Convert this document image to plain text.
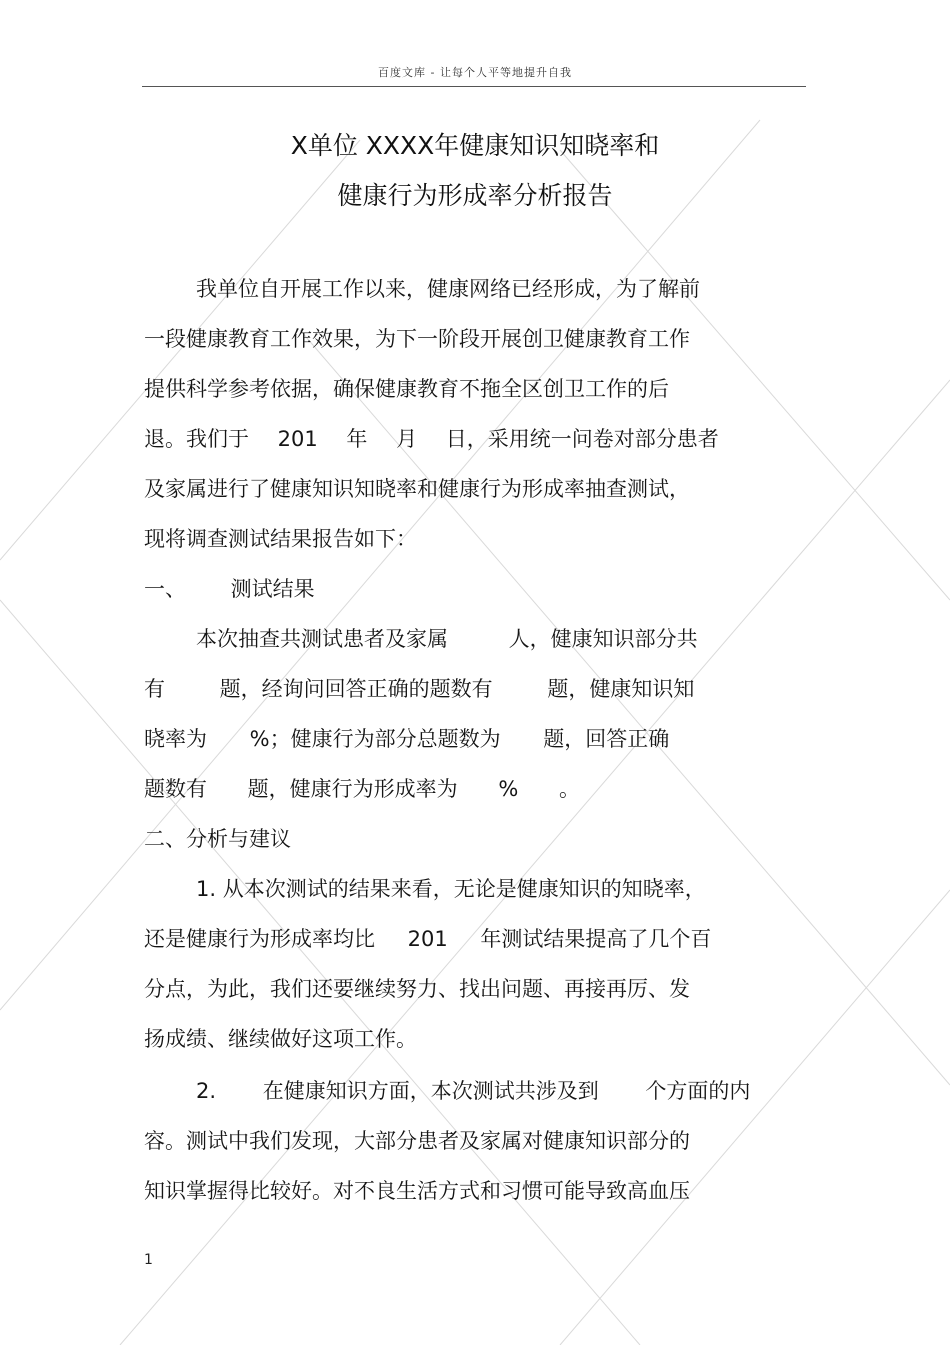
百度文库 - 让每个人平等地提升自我
X单位 XXXX年健康知识知晓率和
健康行为形成率分析报告
我单位自开展工作以来，健康网络已经形成，为了解前
一段健康教育工作效果，为下一阶段开展创卫健康教育工作
提供科学参考依据，确保健康教育不拖全区创卫工作的后
退。我们于 201 年 月 日，采用统一问卷对部分患者
及家属进行了健康知识知晓率和健康行为形成率抽查测试，
现将调查测试结果报告如下：
一、 测试结果
本次抽查共测试患者及家属 人，健康知识部分共
有 题，经询问回答正确的题数有 题，健康知识知
晓率为 %；健康行为部分总题数为 题，回答正确
题数有 题，健康行为形成率为 % 。
二、分析与建议
1. 从本次测试的结果来看，无论是健康知识的知晓率，
还是健康行为形成率均比 201 年测试结果提高了几个百
分点，为此，我们还要继续努力、找出问题、再接再厉、发
扬成绩、继续做好这项工作。
2. 在健康知识方面，本次测试共涉及到 个方面的内
容。测试中我们发现，大部分患者及家属对健康知识部分的
知识掌握得比较好。对不良生活方式和习惯可能导致高血压
1
